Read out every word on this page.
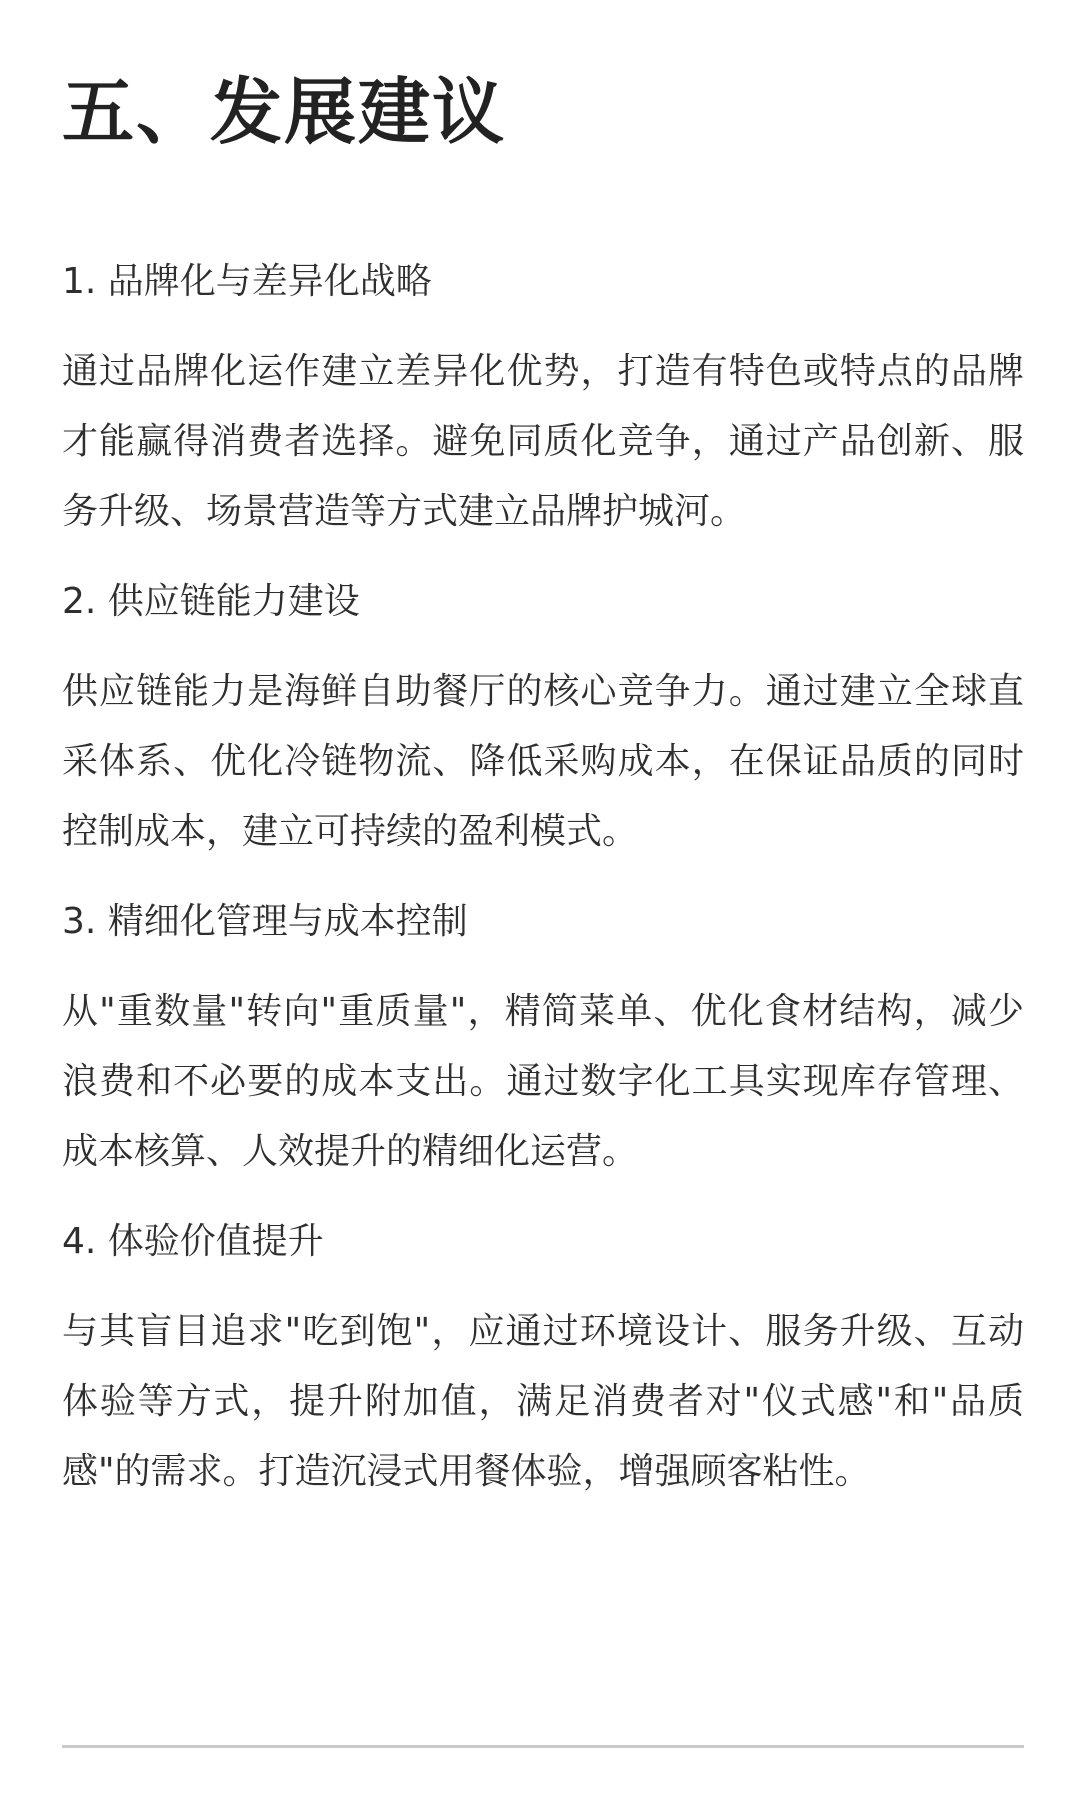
五、发展建议
1. 品牌化与差异化战略

通过品牌化运作建立差异化优势，打造有特色或特点的品牌才能赢得消费者选择。避免同质化竞争，通过产品创新、服务升级、场景营造等方式建立品牌护城河。

2. 供应链能力建设

供应链能力是海鲜自助餐厅的核心竞争力。通过建立全球直采体系、优化冷链物流、降低采购成本，在保证品质的同时控制成本，建立可持续的盈利模式。

3. 精细化管理与成本控制

从"重数量"转向"重质量"，精简菜单、优化食材结构，减少浪费和不必要的成本支出。通过数字化工具实现库存管理、成本核算、人效提升的精细化运营。

4. 体验价值提升

与其盲目追求"吃到饱"，应通过环境设计、服务升级、互动体验等方式，提升附加值，满足消费者对"仪式感"和"品质感"的需求。打造沉浸式用餐体验，增强顾客粘性。
